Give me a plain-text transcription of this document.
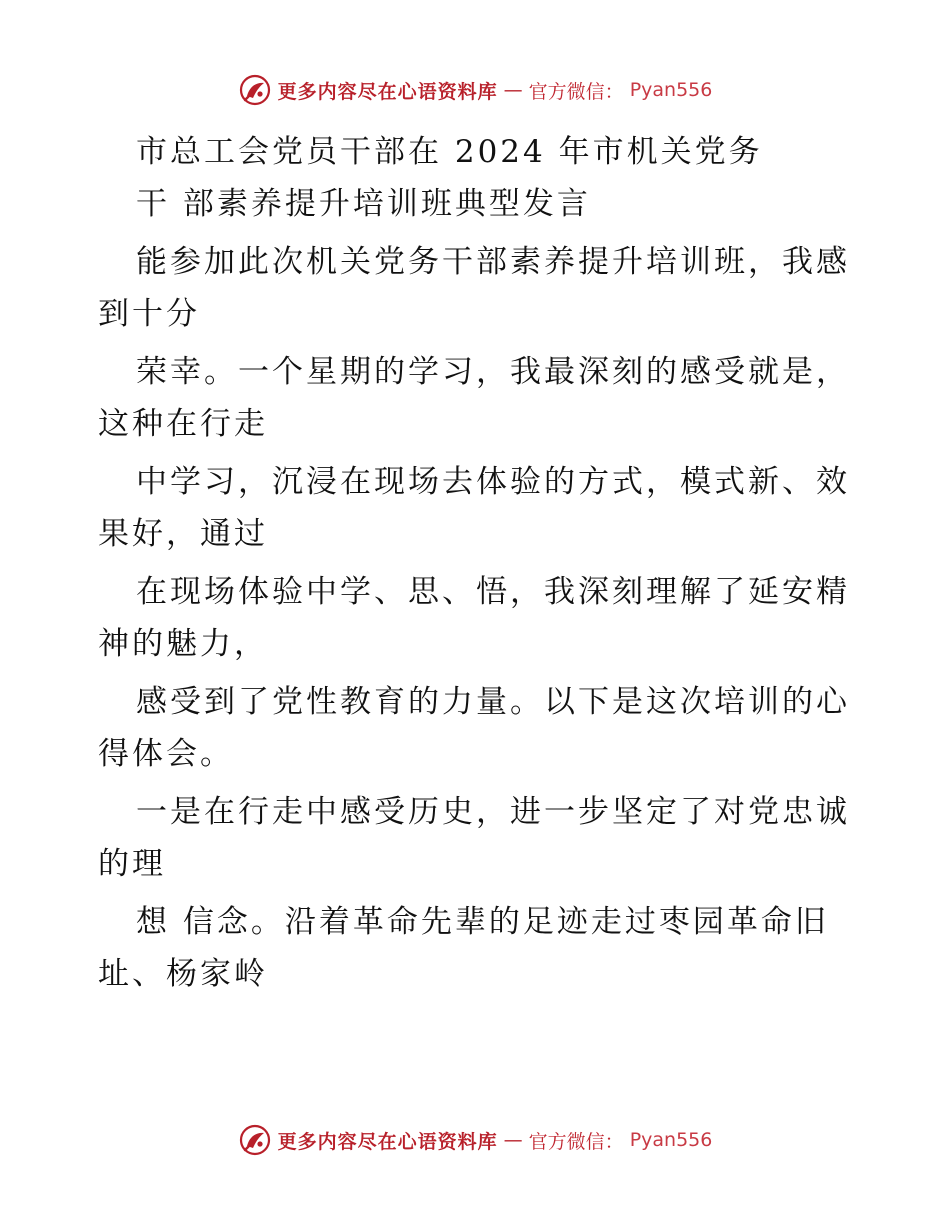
更多内容尽在心语资料库 — 官方微信： Pyan556
市总工会党员干部在 2024 年市机关党务
干 部素养提升培训班典型发言
能参加此次机关党务干部素养提升培训班，我感
到十分
荣幸。一个星期的学习，我最深刻的感受就是，
这种在行走
中学习，沉浸在现场去体验的方式，模式新、效
果好，通过
在现场体验中学、思、悟，我深刻理解了延安精
神的魅力，
感受到了党性教育的力量。以下是这次培训的心
得体会。
一是在行走中感受历史，进一步坚定了对党忠诚
的理
想 信念。沿着革命先辈的足迹走过枣园革命旧
址、杨家岭
更多内容尽在心语资料库 — 官方微信： Pyan556
